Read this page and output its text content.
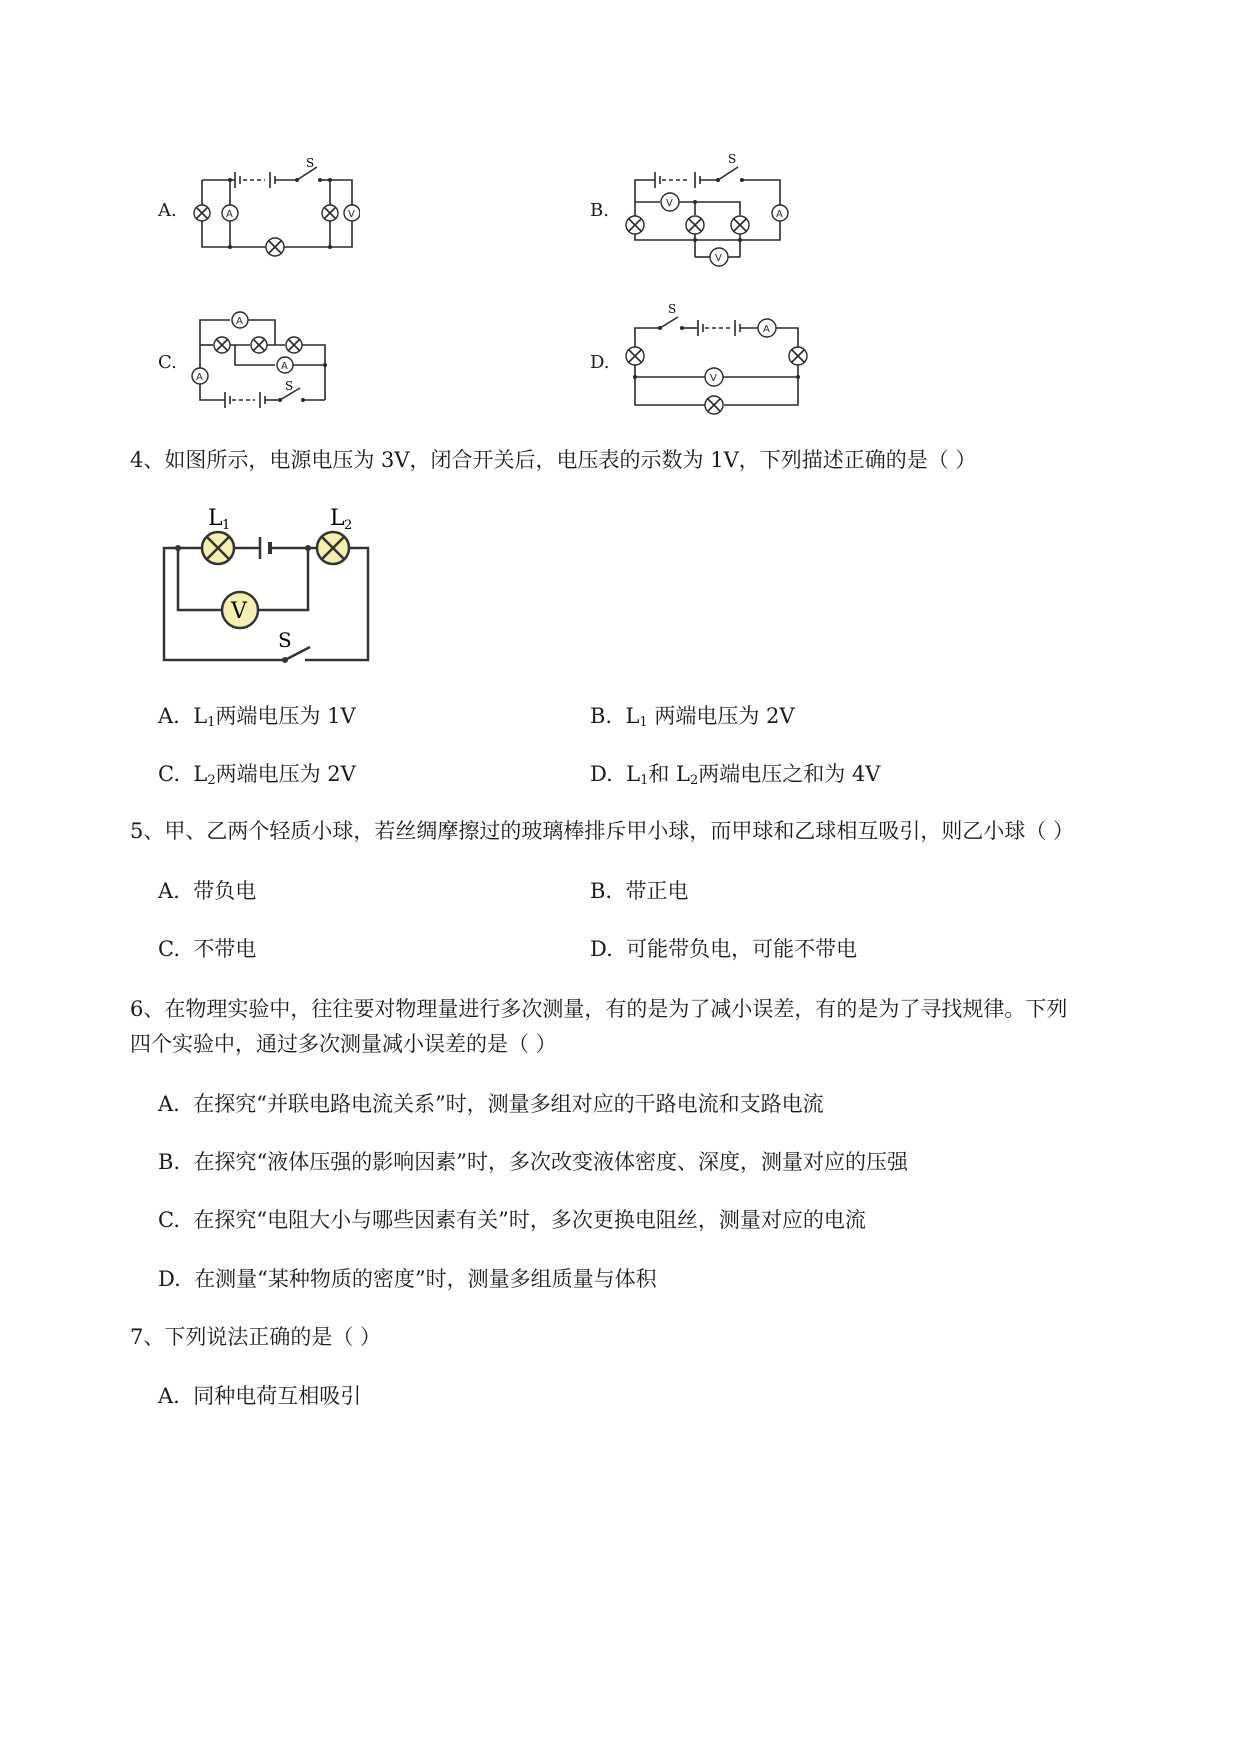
A.
S
A	V	B.
S
A
V
V
C.
A
A
A
S
D.
S
A
V
4、如图所示，电源电压为 3V，闭合开关后，电压表的示数为 1V，下列描述正确的是（ ）
L 1	L 2
S
V
A. $L_1$两端电压为 1V	B. $L_1$ 两端电压为 2V
C. $L_2$两端电压为 2V	D. $L_1$和 $L_2$两端电压之和为 4V
5、甲、乙两个轻质小球，若丝绸摩擦过的玻璃棒排斥甲小球，而甲球和乙球相互吸引，则乙小球（ ）
A. 带负电	B. 带正电
C. 不带电	D. 可能带负电，可能不带电
6、在物理实验中，往往要对物理量进行多次测量，有的是为了减小误差，有的是为了寻找规律。下列
四个实验中，通过多次测量减小误差的是（ ）
A. 在探究“并联电路电流关系”时，测量多组对应的干路电流和支路电流
B. 在探究“液体压强的影响因素”时，多次改变液体密度、深度，测量对应的压强
C. 在探究“电阻大小与哪些因素有关”时，多次更换电阻丝，测量对应的电流
D. 在测量“某种物质的密度”时，测量多组质量与体积
7、下列说法正确的是（ ）
A. 同种电荷互相吸引
